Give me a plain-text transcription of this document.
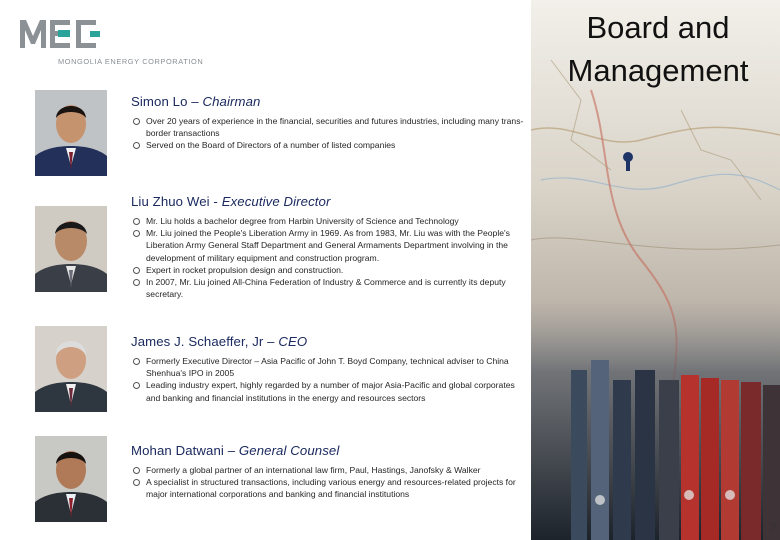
MONGOLIA ENERGY CORPORATION
Board and
Management
Simon Lo – Chairman
Over 20 years of experience in the financial, securities and futures industries, including many trans-border transactions
Served on the Board of Directors of a number of listed companies
Liu Zhuo Wei - Executive Director
Mr. Liu holds a bachelor degree from Harbin University of Science and Technology
Mr. Liu joined the People's Liberation Army in 1969. As from 1983, Mr. Liu was with the People's Liberation Army General Staff Department and General Armaments Department involving in the development of military equipment and construction program.
Expert in rocket propulsion design and construction.
In 2007, Mr. Liu joined All-China Federation of Industry & Commerce and is currently its deputy secretary.
James J. Schaeffer, Jr – CEO
Formerly Executive Director – Asia Pacific of John T. Boyd Company, technical adviser to China Shenhua's IPO in 2005
Leading industry expert, highly regarded by a number of major Asia-Pacific and global corporates and banking and financial institutions in the energy and resources sectors
Mohan Datwani – General Counsel
Formerly a global partner of an international law firm, Paul, Hastings, Janofsky & Walker
A specialist in structured transactions, including various energy and resources-related projects for major international corporations and banking and financial institutions
7
